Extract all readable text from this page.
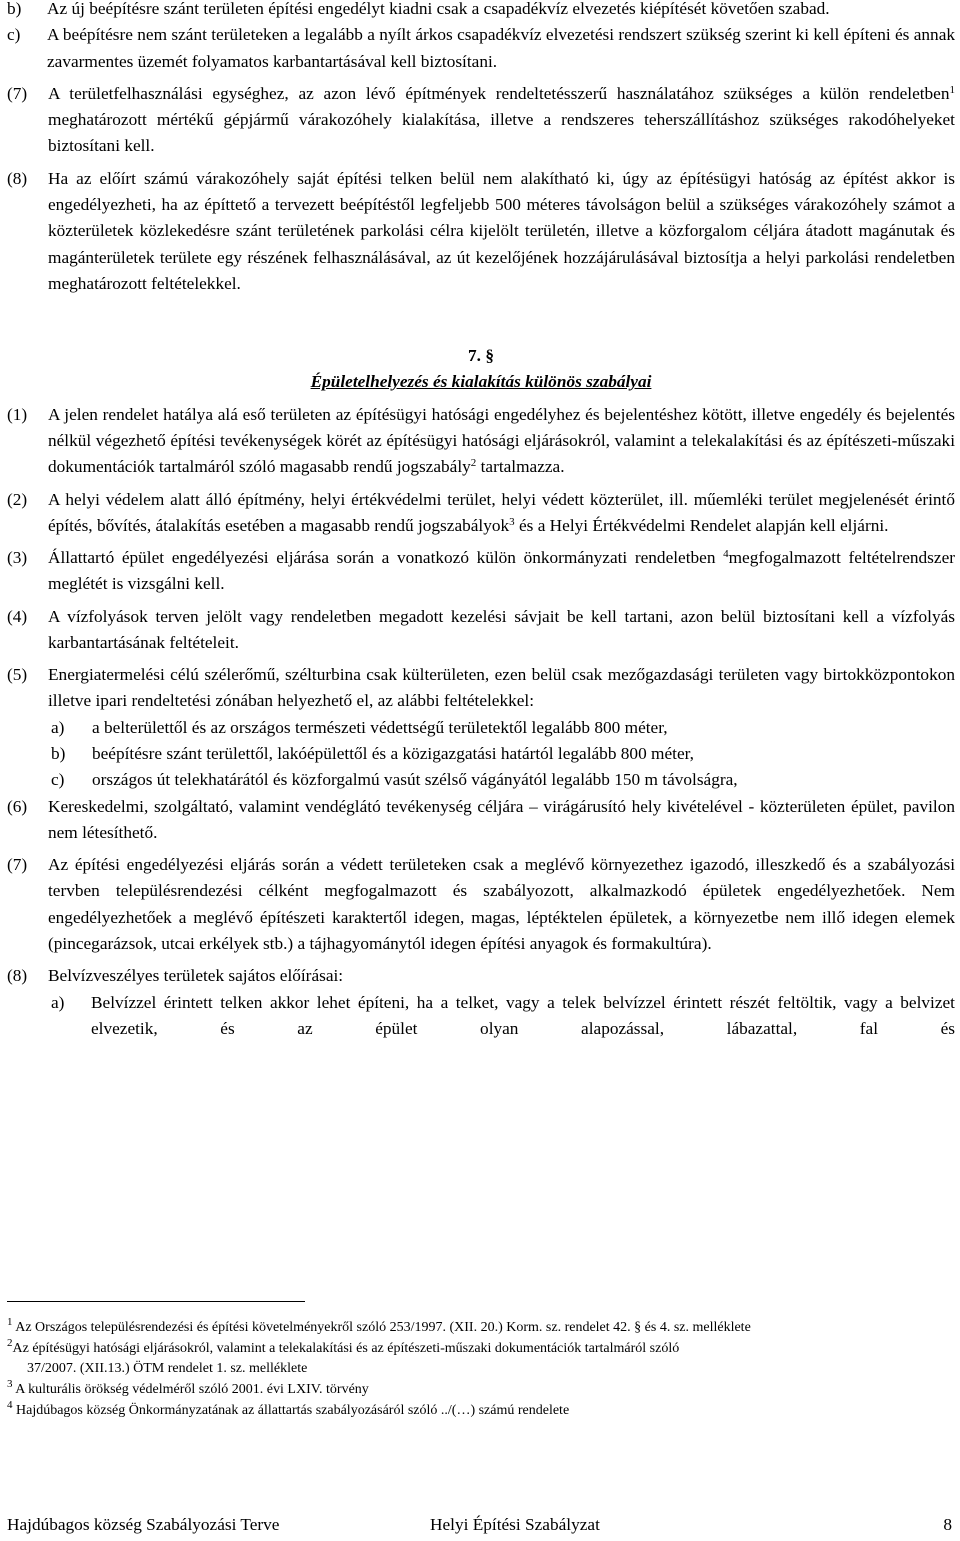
b)	Az új beépítésre szánt területen építési engedélyt kiadni csak a csapadékvíz elvezetés kiépítését követően szabad.

c)	A beépítésre nem szánt területeken a legalább a nyílt árkos csapadékvíz elvezetési rendszert szükség szerint ki kell építeni és annak zavarmentes üzemét folyamatos karbantartásával kell biztosítani.

(7)	A területfelhasználási egységhez, az azon lévő építmények rendeltetésszerű használatához szükséges a külön rendeletben$^1$ meghatározott mértékű gépjármű várakozóhely kialakítása, illetve a rendszeres teherszállításhoz szükséges rakodóhelyeket biztosítani kell.

(8)	Ha az előírt számú várakozóhely saját építési telken belül nem alakítható ki, úgy az építésügyi hatóság az építést akkor is engedélyezheti, ha az építtető a tervezett beépítéstől legfeljebb 500 méteres távolságon belül a szükséges várakozóhely számot a közterületek közlekedésre szánt területének parkolási célra kijelölt területén, illetve a közforgalom céljára átadott magánutak és magánterületek területe egy részének felhasználásával, az út kezelőjének hozzájárulásával biztosítja a helyi parkolási rendeletben meghatározott feltételekkel.

7. §

Épületelhelyezés és kialakítás különös szabályai

(1)	A jelen rendelet hatálya alá eső területen az építésügyi hatósági engedélyhez és bejelentéshez kötött, illetve engedély és bejelentés nélkül végezhető építési tevékenységek körét az építésügyi hatósági eljárásokról, valamint a telekalakítási és az építészeti-műszaki dokumentációk tartalmáról szóló magasabb rendű jogszabály$^2$ tartalmazza.

(2)	A helyi védelem alatt álló építmény, helyi értékvédelmi terület, helyi védett közterület, ill. műemléki terület megjelenését érintő építés, bővítés, átalakítás esetében a magasabb rendű jogszabályok$^3$ és a Helyi Értékvédelmi Rendelet alapján kell eljárni.

(3)	Állattartó épület engedélyezési eljárása során a vonatkozó külön önkormányzati rendeletben $^4$megfogalmazott feltételrendszer meglétét is vizsgálni kell.

(4)	A vízfolyások terven jelölt vagy rendeletben megadott kezelési sávjait be kell tartani, azon belül biztosítani kell a vízfolyás karbantartásának feltételeit.

(5)	Energiatermelési célú szélerőmű, szélturbina csak külterületen, ezen belül csak mezőgazdasági területen vagy birtokközpontokon illetve ipari rendeltetési zónában helyezhető el, az alábbi feltételekkel:

a)	a belterülettől és az országos természeti védettségű területektől legalább 800 méter,

b)	beépítésre szánt területtől, lakóépülettől és a közigazgatási határtól legalább 800 méter,

c)	országos út telekhatárától és közforgalmú vasút szélső vágányától legalább 150 m távolságra,

(6)	Kereskedelmi, szolgáltató, valamint vendéglátó tevékenység céljára – virágárusító hely kivételével - közterületen épület, pavilon nem létesíthető.

(7)	Az építési engedélyezési eljárás során a védett területeken csak a meglévő környezethez igazodó, illeszkedő és a szabályozási tervben településrendezési célként megfogalmazott és szabályozott, alkalmazkodó épületek engedélyezhetőek. Nem engedélyezhetőek a meglévő építészeti karaktertől idegen, magas, léptéktelen épületek, a környezetbe nem illő idegen elemek (pincegarázsok, utcai erkélyek stb.) a tájhagyománytól idegen építési anyagok és formakultúra).

(8)	Belvízveszélyes területek sajátos előírásai:

a)	Belvízzel érintett telken akkor lehet építeni, ha a telket, vagy a telek belvízzel érintett részét feltöltik, vagy a belvizet elvezetik, és az épület olyan alapozással, lábazattal, fal és

$^1$ Az Országos településrendezési és építési követelményekről szóló 253/1997. (XII. 20.) Korm. sz. rendelet 42. § és 4. sz. melléklete
$^2$Az építésügyi hatósági eljárásokról, valamint a telekalakítási és az építészeti-műszaki dokumentációk tartalmáról szóló
37/2007. (XII.13.) ÖTM rendelet 1. sz. melléklete
$^3$ A kulturális örökség védelméről szóló 2001. évi LXIV. törvény
$^4$ Hajdúbagos község Önkormányzatának az állattartás szabályozásáról szóló ../(…) számú rendelete
Hajdúbagos község Szabályozási Terve	Helyi Építési Szabályzat	8
